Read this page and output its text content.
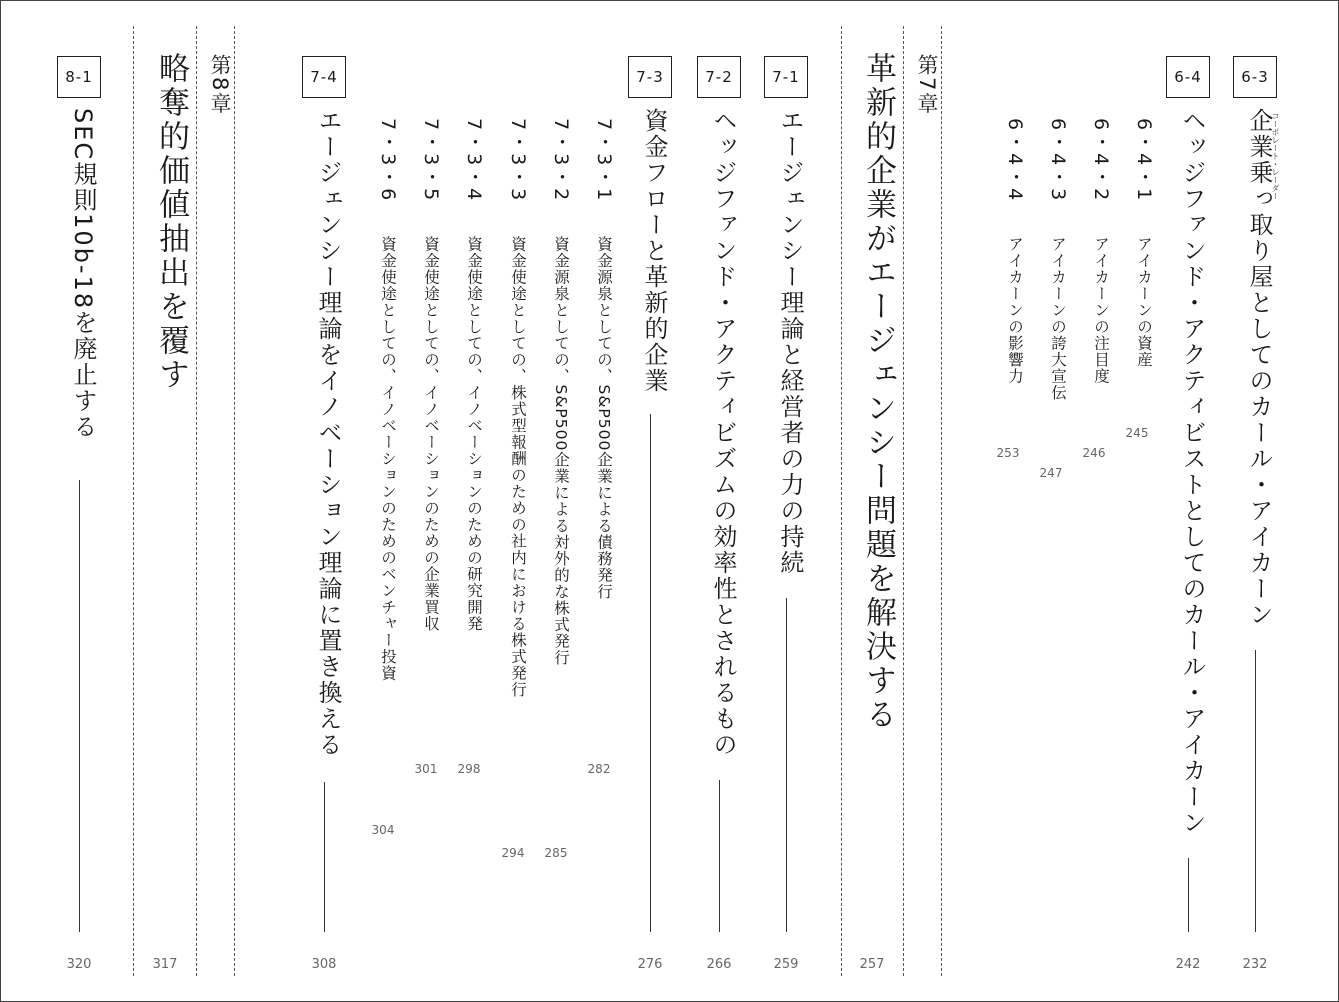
8-1
SEC規則10b‐18を廃止する
320
略奪的価値抽出を覆す
317
第8章	7-4
エージェンシー理論をイノベーション理論に置き換える
308
7・3・6
資金使途としての、イノベーションのためのベンチャー投資
304
7・3・5
資金使途としての、イノベーションのための企業買収
301
7・3・4
資金使途としての、イノベーションのための研究開発
298
7・3・3
資金使途としての、株式型報酬のための社内における株式発行
294
7・3・2
資金源泉としての、S&P500企業による対外的な株式発行
285
7・3・1
資金源泉としての、S&P500企業による債務発行
282
7-3
資金フローと革新的企業
276
7-2
ヘッジファンド・アクティビズムの効率性とされるもの
266
7-1
エージェンシー理論と経営者の力の持続
259
革新的企業がエージェンシー問題を解決する
257
第7章
6・4・4
アイカーンの影響力
253
6・4・3
アイカーンの誇大宣伝
247
6・4・2
アイカーンの注目度
246
6・4・1
アイカーンの資産
245
6-4
ヘッジファンド・アクティビストとしてのカール・アイカーン
242
6-3
企業乗っ取り屋としてのカール・アイカーン
コーポレート・レーダー
232
